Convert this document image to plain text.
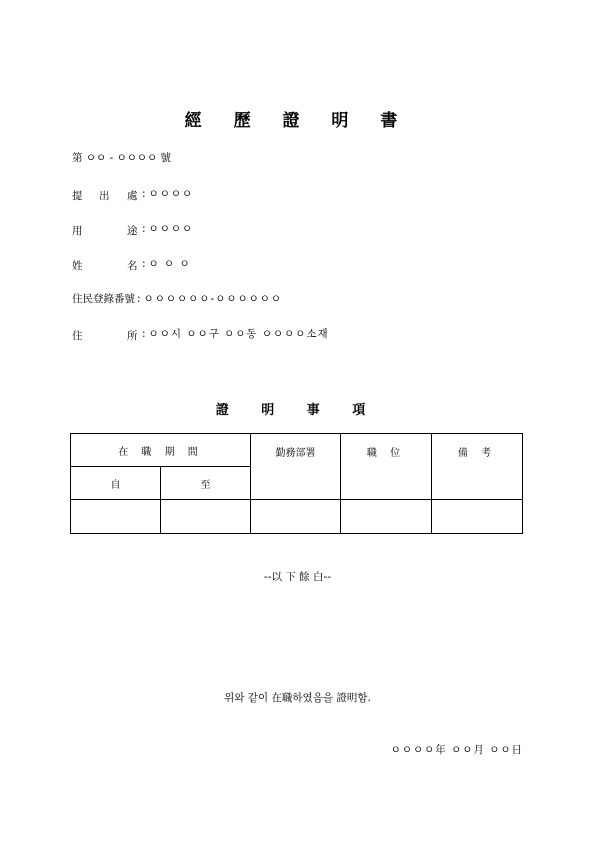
經 歷 證 明 書
第 ㅇㅇ - ㅇㅇㅇㅇ 號
提 出 處 : ㅇㅇㅇㅇ
用	途 : ㅇㅇㅇㅇ
姓	名 : ㅇ ㅇ ㅇ
住民登錄番號 : ㅇㅇㅇㅇㅇㅇ-ㅇㅇㅇㅇㅇㅇ
住	所 : ㅇㅇ시 ㅇㅇ구 ㅇㅇ동 ㅇㅇㅇㅇ소재
證 明 事 項
在 職 期 間		勤務部署	職 位	備 考
自	至			

--以 下 餘 白--
위와 같이 在職하였음을 證明함.
ㅇㅇㅇㅇ年 ㅇㅇ月 ㅇㅇ日
